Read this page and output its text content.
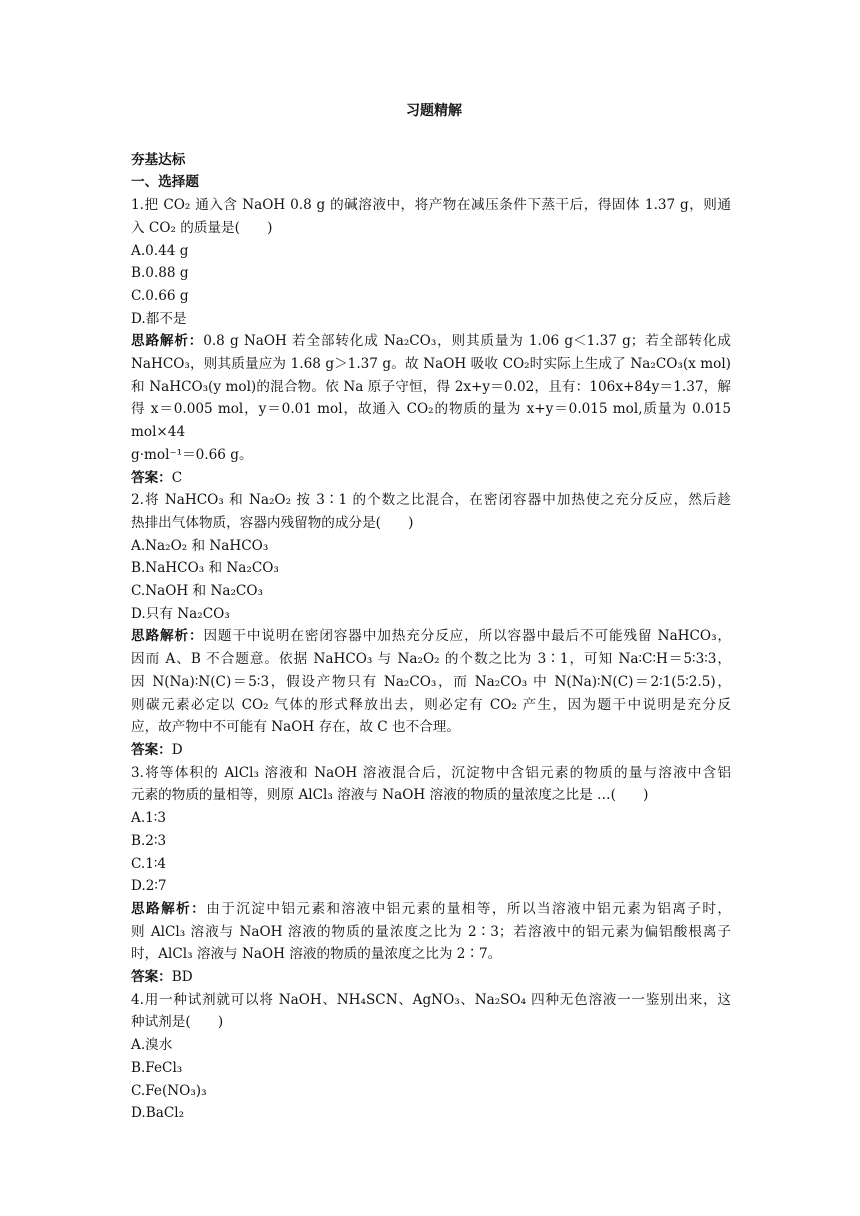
习题精解

夯基达标

一、选择题

1.把 CO₂ 通入含 NaOH 0.8 g 的碱溶液中，将产物在减压条件下蒸干后，得固体 1.37 g，则通

入 CO₂ 的质量是(　　)

A.0.44 g

B.0.88 g

C.0.66 g

D.都不是

思路解析：0.8 g NaOH 若全部转化成 Na₂CO₃，则其质量为 1.06 g＜1.37 g；若全部转化成

NaHCO₃，则其质量应为 1.68 g＞1.37 g。故 NaOH 吸收 CO₂时实际上生成了 Na₂CO₃(x mol)

和 NaHCO₃(y mol)的混合物。依 Na 原子守恒，得 2x+y＝0.02，且有：106x+84y＝1.37，解

得 x＝0.005 mol，y＝0.01 mol，故通入 CO₂的物质的量为 x+y＝0.015 mol,质量为 0.015 mol×44

g·mol⁻¹＝0.66 g。

答案：C

2.将 NaHCO₃ 和 Na₂O₂ 按 3∶1 的个数之比混合，在密闭容器中加热使之充分反应，然后趁

热排出气体物质，容器内残留物的成分是(　　)

A.Na₂O₂ 和 NaHCO₃

B.NaHCO₃ 和 Na₂CO₃

C.NaOH 和 Na₂CO₃

D.只有 Na₂CO₃

思路解析：因题干中说明在密闭容器中加热充分反应，所以容器中最后不可能残留 NaHCO₃，

因而 A、B 不合题意。依据 NaHCO₃ 与 Na₂O₂ 的个数之比为 3∶1，可知 Na∶C∶H＝5∶3∶3，

因 N(Na)∶N(C)＝5∶3，假设产物只有 Na₂CO₃，而 Na₂CO₃ 中 N(Na)∶N(C)＝2∶1(5∶2.5)，

则碳元素必定以 CO₂ 气体的形式释放出去，则必定有 CO₂ 产生，因为题干中说明是充分反

应，故产物中不可能有 NaOH 存在，故 C 也不合理。

答案：D

3.将等体积的 AlCl₃ 溶液和 NaOH 溶液混合后，沉淀物中含铝元素的物质的量与溶液中含铝

元素的物质的量相等，则原 AlCl₃ 溶液与 NaOH 溶液的物质的量浓度之比是 …(　　)

A.1∶3

B.2∶3

C.1∶4

D.2∶7

思路解析：由于沉淀中铝元素和溶液中铝元素的量相等，所以当溶液中铝元素为铝离子时，

则 AlCl₃ 溶液与 NaOH 溶液的物质的量浓度之比为 2∶3；若溶液中的铝元素为偏铝酸根离子

时，AlCl₃ 溶液与 NaOH 溶液的物质的量浓度之比为 2∶7。

答案：BD

4.用一种试剂就可以将 NaOH、NH₄SCN、AgNO₃、Na₂SO₄ 四种无色溶液一一鉴别出来，这

种试剂是(　　)

A.溴水

B.FeCl₃

C.Fe(NO₃)₃

D.BaCl₂
